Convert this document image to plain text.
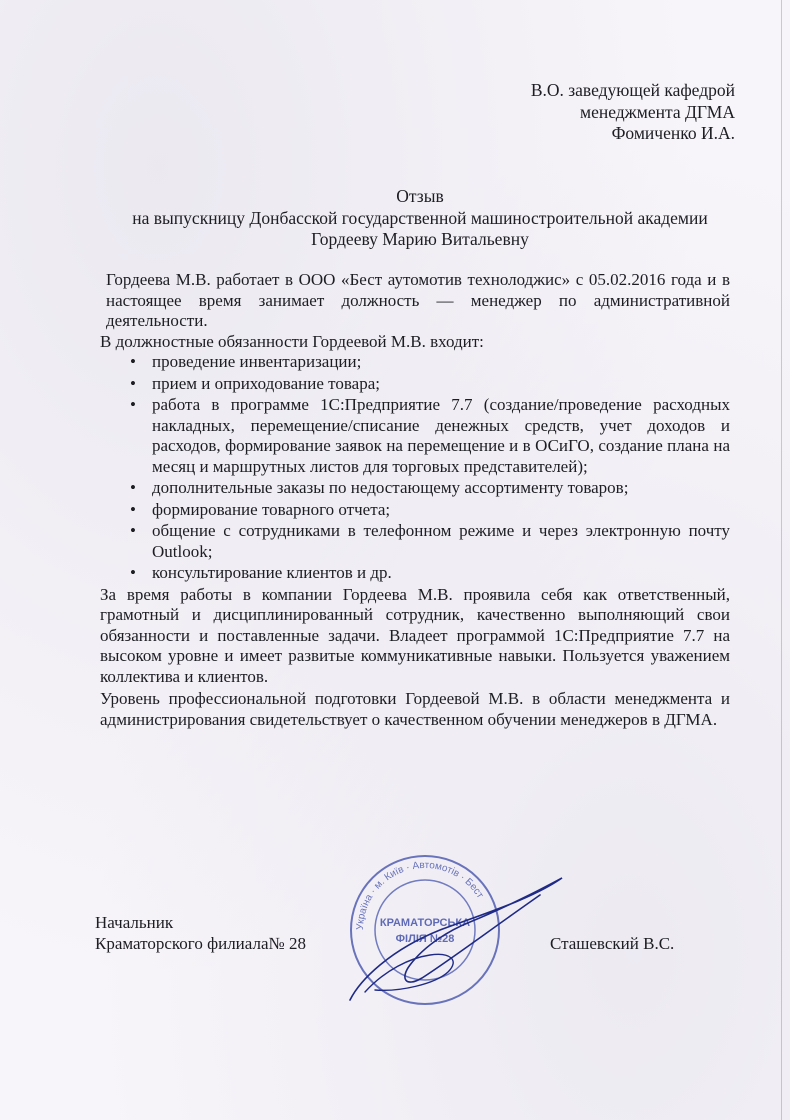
В.О. заведующей кафедрой
менеджмента ДГМА
Фомиченко И.А.
Отзыв
на выпускницу Донбасской государственной машиностроительной академии
Гордееву Марию Витальевну

Гордеева М.В. работает в ООО «Бест аутомотив технолоджис» с 05.02.2016 года и в настоящее время занимает должность — менеджер по административной деятельности.

В должностные обязанности Гордеевой М.В. входит:

• проведение инвентаризации;
• прием и оприходование товара;
• работа в программе 1С:Предприятие 7.7 (создание/проведение расходных накладных, перемещение/списание денежных средств, учет доходов и расходов, формирование заявок на перемещение и в ОСиГО, создание плана на месяц и маршрутных листов для торговых представителей);
• дополнительные заказы по недостающему ассортименту товаров;
• формирование товарного отчета;
• общение с сотрудниками в телефонном режиме и через электронную почту Outlook;
• консультирование клиентов и др.

За время работы в компании Гордеева М.В. проявила себя как ответственный, грамотный и дисциплинированный сотрудник, качественно выполняющий свои обязанности и поставленные задачи. Владеет программой 1С:Предприятие 7.7 на высоком уровне и имеет развитые коммуникативные навыки. Пользуется уважением коллектива и клиентов.

Уровень профессиональной подготовки Гордеевой М.В. в области менеджмента и администрирования свидетельствует о качественном обучении менеджеров в ДГМА.

Україна · м. Київ · Автомотів · Бест
КРАМАТОРСЬКА
ФІЛІЯ №28
Начальник
Краматорского филиала№ 28	Сташевский В.С.
